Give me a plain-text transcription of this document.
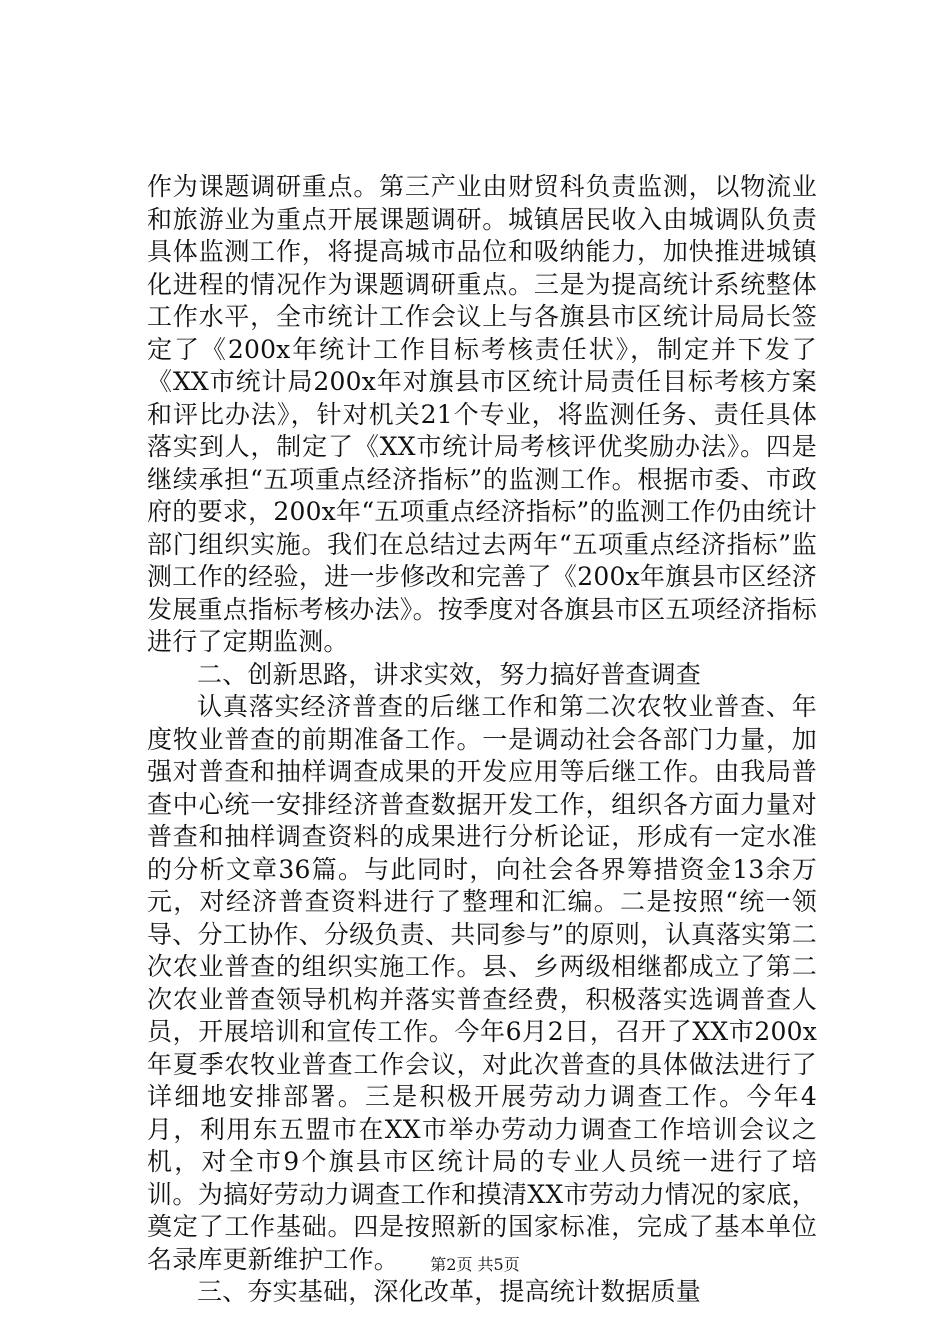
作为课题调研重点。第三产业由财贸科负责监测，以物流业和旅游业为重点开展课题调研。城镇居民收入由城调队负责具体监测工作，将提高城市品位和吸纳能力，加快推进城镇化进程的情况作为课题调研重点。三是为提高统计系统整体工作水平，全市统计工作会议上与各旗县市区统计局局长签定了《200x年统计工作目标考核责任状》，制定并下发了《XX市统计局200x年对旗县市区统计局责任目标考核方案和评比办法》，针对机关21个专业，将监测任务、责任具体落实到人，制定了《XX市统计局考核评优奖励办法》。四是继续承担“五项重点经济指标”的监测工作。根据市委、市政府的要求，200x年“五项重点经济指标”的监测工作仍由统计部门组织实施。我们在总结过去两年“五项重点经济指标”监测工作的经验，进一步修改和完善了《200x年旗县市区经济发展重点指标考核办法》。按季度对各旗县市区五项经济指标进行了定期监测。

二、创新思路，讲求实效，努力搞好普查调查

认真落实经济普查的后继工作和第二次农牧业普查、年度牧业普查的前期准备工作。一是调动社会各部门力量，加强对普查和抽样调查成果的开发应用等后继工作。由我局普查中心统一安排经济普查数据开发工作，组织各方面力量对普查和抽样调查资料的成果进行分析论证，形成有一定水准的分析文章36篇。与此同时，向社会各界筹措资金13余万元，对经济普查资料进行了整理和汇编。二是按照“统一领导、分工协作、分级负责、共同参与”的原则，认真落实第二次农业普查的组织实施工作。县、乡两级相继都成立了第二次农业普查领导机构并落实普查经费，积极落实选调普查人员，开展培训和宣传工作。今年6月2日，召开了XX市200x年夏季农牧业普查工作会议，对此次普查的具体做法进行了详细地安排部署。三是积极开展劳动力调查工作。今年4月，利用东五盟市在XX市举办劳动力调查工作培训会议之机，对全市9个旗县市区统计局的专业人员统一进行了培训。为搞好劳动力调查工作和摸清XX市劳动力情况的家底，奠定了工作基础。四是按照新的国家标准，完成了基本单位名录库更新维护工作。

三、夯实基础，深化改革，提高统计数据质量

第2页 共5页
